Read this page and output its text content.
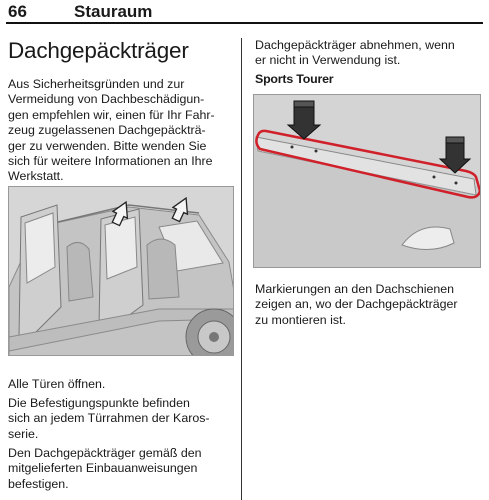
66	Stauraum
Dachgepäckträger
Aus Sicherheitsgründen und zur
Vermeidung von Dachbeschädigun-
gen empfehlen wir, einen für Ihr Fahr-
zeug zugelassenen Dachgepäckträ-
ger zu verwenden. Bitte wenden Sie
sich für weitere Informationen an Ihre
Werkstatt.
Alle Türen öffnen.
Die Befestigungspunkte befinden
sich an jedem Türrahmen der Karos-
serie.
Den Dachgepäckträger gemäß den
mitgelieferten Einbauanweisungen
befestigen.
Dachgepäckträger abnehmen, wenn
er nicht in Verwendung ist.
Sports Tourer
Markierungen an den Dachschienen
zeigen an, wo der Dachgepäckträger
zu montieren ist.
